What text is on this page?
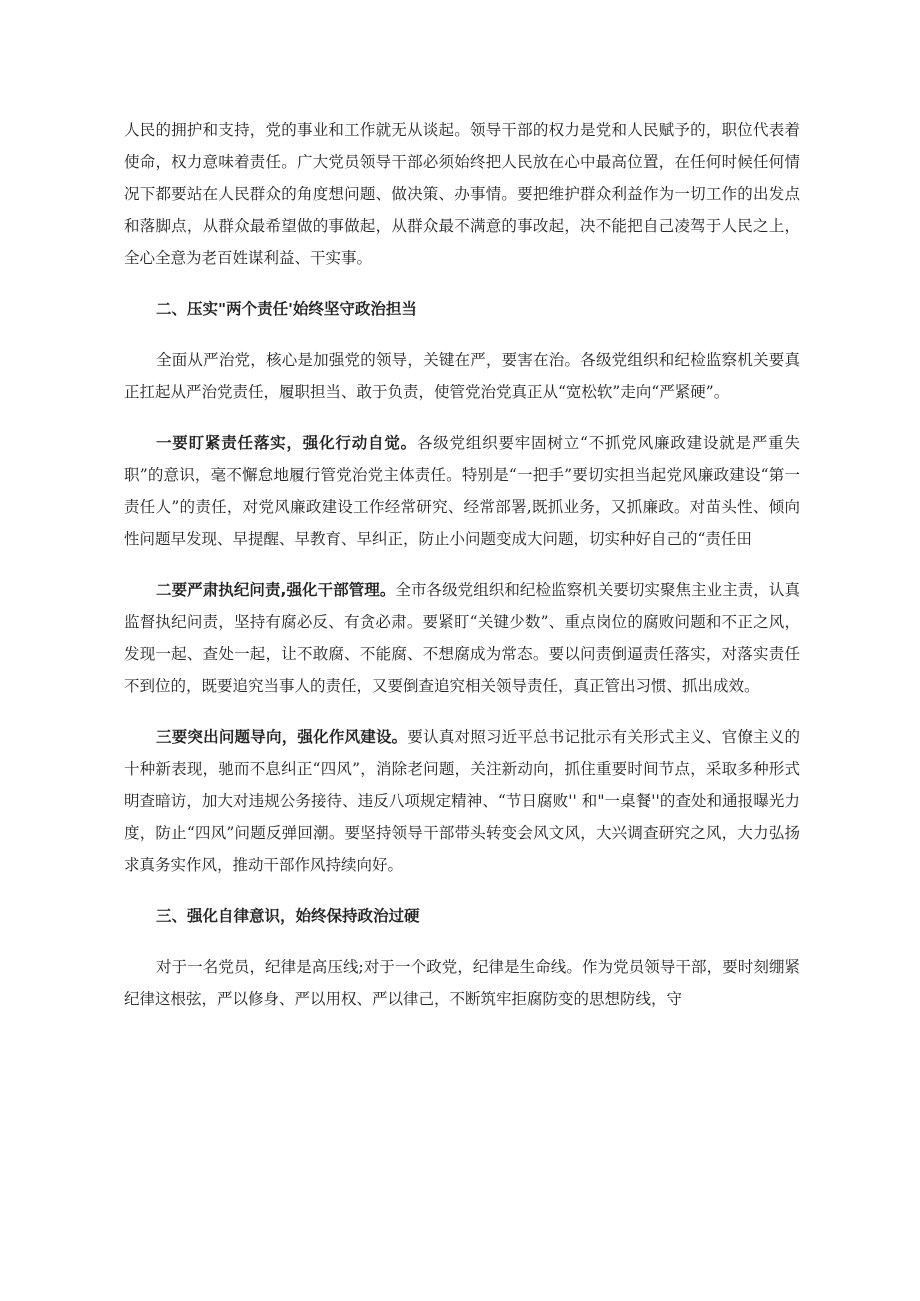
人民的拥护和支持，党的事业和工作就无从谈起。领导干部的权力是党和人民赋予的，职位代表着使命，权力意味着责任。广大党员领导干部必须始终把人民放在心中最高位置，在任何时候任何情况下都要站在人民群众的角度想问题、做决策、办事情。要把维护群众利益作为一切工作的出发点和落脚点，从群众最希望做的事做起，从群众最不满意的事改起，决不能把自己凌驾于人民之上，全心全意为老百姓谋利益、干实事。

二、压实"两个责任'始终坚守政治担当

全面从严治党，核心是加强党的领导，关键在严，要害在治。各级党组织和纪检监察机关要真正扛起从严治党责任，履职担当、敢于负责，使管党治党真正从“宽松软”走向“严紧硬”。

一要盯紧责任落实，强化行动自觉。各级党组织要牢固树立“不抓党风廉政建设就是严重失职”的意识，毫不懈怠地履行管党治党主体责任。特别是“一把手”要切实担当起党风廉政建设“第一责任人”的责任，对党风廉政建设工作经常研究、经常部署,既抓业务，又抓廉政。对苗头性、倾向性问题早发现、早提醒、早教育、早纠正，防止小问题变成大问题，切实种好自己的“责任田

二要严肃执纪问责,强化干部管理。全市各级党组织和纪检监察机关要切实聚焦主业主责，认真监督执纪问责，坚持有腐必反、有贪必肃。要紧盯“关键少数”、重点岗位的腐败问题和不正之风，发现一起、查处一起，让不敢腐、不能腐、不想腐成为常态。要以问责倒逼责任落实，对落实责任不到位的，既要追究当事人的责任，又要倒查追究相关领导责任，真正管出习惯、抓出成效。

三要突出问题导向，强化作风建设。要认真对照习近平总书记批示有关形式主义、官僚主义的十种新表现，驰而不息纠正“四风”，消除老问题，关注新动向，抓住重要时间节点，采取多种形式明查暗访，加大对违规公务接待、违反八项规定精神、“节日腐败'' 和"一桌餐''的查处和通报曝光力度，防止“四风”问题反弹回潮。要坚持领导干部带头转变会风文风，大兴调查研究之风，大力弘扬求真务实作风，推动干部作风持续向好。

三、强化自律意识，始终保持政治过硬

对于一名党员，纪律是高压线;对于一个政党，纪律是生命线。作为党员领导干部，要时刻绷紧纪律这根弦，严以修身、严以用权、严以律己，不断筑牢拒腐防变的思想防线，守
